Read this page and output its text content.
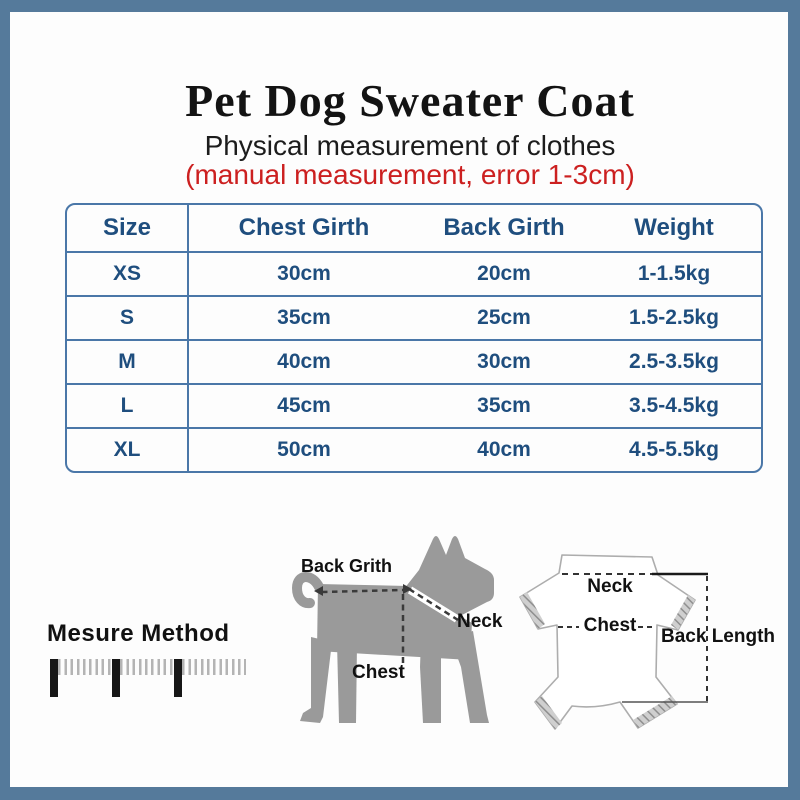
Pet Dog Sweater Coat
Physical measurement of clothes
(manual measurement, error 1-3cm)
Size	Chest Girth	Back Girth	Weight
XS	30cm	20cm	1-1.5kg
S	35cm	25cm	1.5-2.5kg
M	40cm	30cm	2.5-3.5kg
L	45cm	35cm	3.5-4.5kg
XL	50cm	40cm	4.5-5.5kg
Mesure Method
Back Grith
Neck
Chest
Neck
Chest
Back Length
